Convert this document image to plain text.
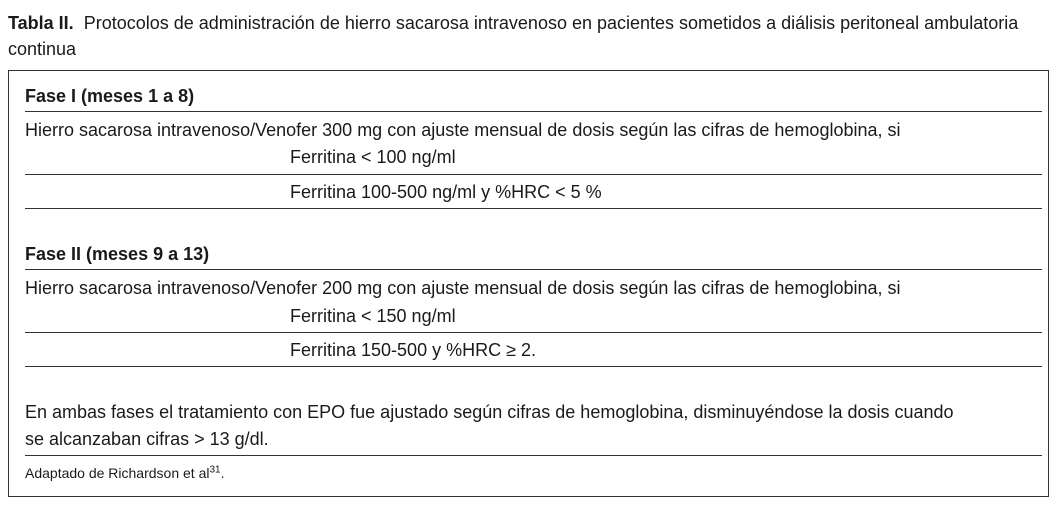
Tabla II. Protocolos de administración de hierro sacarosa intravenoso en pacientes sometidos a diálisis peritoneal ambulatoria continua
Fase I (meses 1 a 8)
Hierro sacarosa intravenoso/Venofer 300 mg con ajuste mensual de dosis según las cifras de hemoglobina, si
Ferritina < 100 ng/ml
Ferritina 100-500 ng/ml y %HRC < 5 %
Fase II (meses 9 a 13)
Hierro sacarosa intravenoso/Venofer 200 mg con ajuste mensual de dosis según las cifras de hemoglobina, si
Ferritina < 150 ng/ml
Ferritina 150-500 y %HRC ≥ 2.
En ambas fases el tratamiento con EPO fue ajustado según cifras de hemoglobina, disminuyéndose la dosis cuando
se alcanzaban cifras > 13 g/dl.
Adaptado de Richardson et $al^{31}$.
